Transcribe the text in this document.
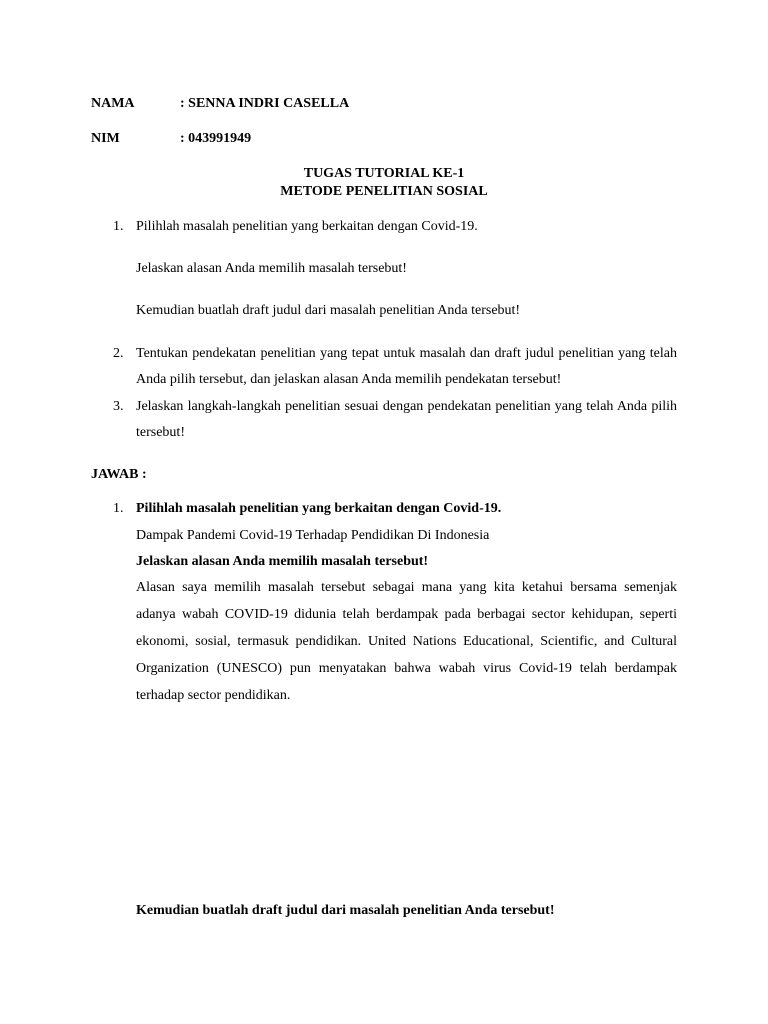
NAMA	: SENNA INDRI CASELLA
NIM	: 043991949
TUGAS TUTORIAL KE-1
METODE PENELITIAN SOSIAL
1. Pilihlah masalah penelitian yang berkaitan dengan Covid-19.
Jelaskan alasan Anda memilih masalah tersebut!
Kemudian buatlah draft judul dari masalah penelitian Anda tersebut!
2. Tentukan pendekatan penelitian yang tepat untuk masalah dan draft judul penelitian yang telah Anda pilih tersebut, dan jelaskan alasan Anda memilih pendekatan tersebut!
3. Jelaskan langkah-langkah penelitian sesuai dengan pendekatan penelitian yang telah Anda pilih tersebut!
JAWAB :
1. Pilihlah masalah penelitian yang berkaitan dengan Covid-19.
Dampak Pandemi Covid-19 Terhadap Pendidikan Di Indonesia
Jelaskan alasan Anda memilih masalah tersebut!
Alasan saya memilih masalah tersebut sebagai mana yang kita ketahui bersama semenjak adanya wabah COVID-19 didunia telah berdampak pada berbagai sector kehidupan, seperti ekonomi, sosial, termasuk pendidikan. United Nations Educational, Scientific, and Cultural Organization (UNESCO) pun menyatakan bahwa wabah virus Covid-19 telah berdampak terhadap sector pendidikan.
Kemudian buatlah draft judul dari masalah penelitian Anda tersebut!
